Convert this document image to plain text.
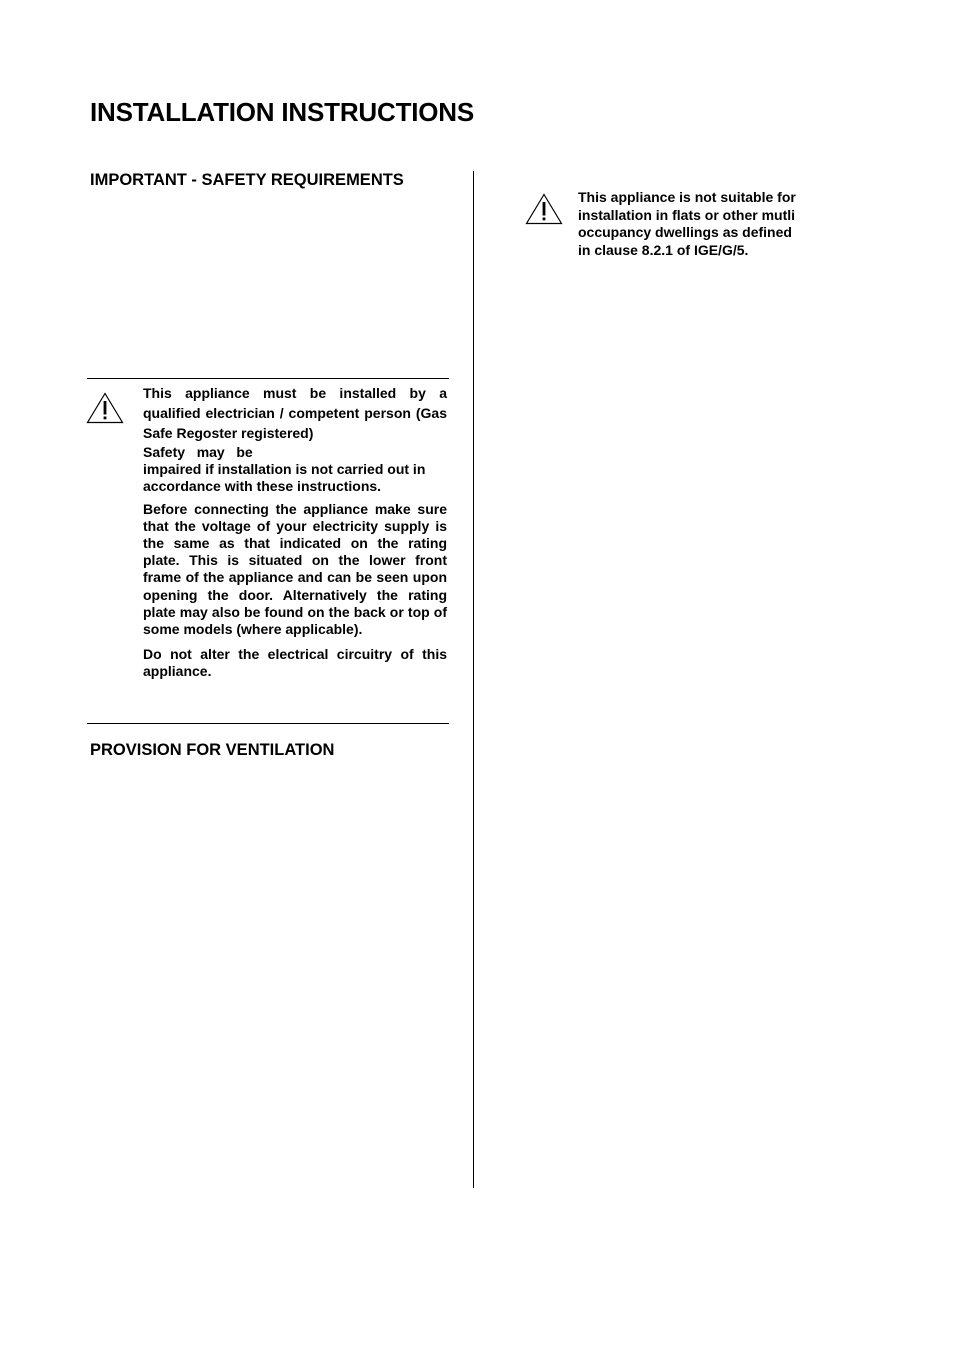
INSTALLATION INSTRUCTIONS
IMPORTANT - SAFETY REQUIREMENTS

This appliance must be installed by a qualified electrician / competent person (Gas Safe Regoster registered)

Safety   may   be

impaired if installation is not carried out in accordance with these instructions.

Before connecting the appliance make sure that the voltage of your electricity supply is the same as that indicated on the rating plate. This is situated on the lower front frame of the appliance and can be seen upon opening the door. Alternatively the rating plate may also be found on the back or top of some models (where applicable).

Do not alter the electrical circuitry of this appliance.

PROVISION FOR VENTILATION
This appliance is not suitable for
installation in flats or other mutli
occupancy dwellings as defined
in clause 8.2.1 of IGE/G/5.
